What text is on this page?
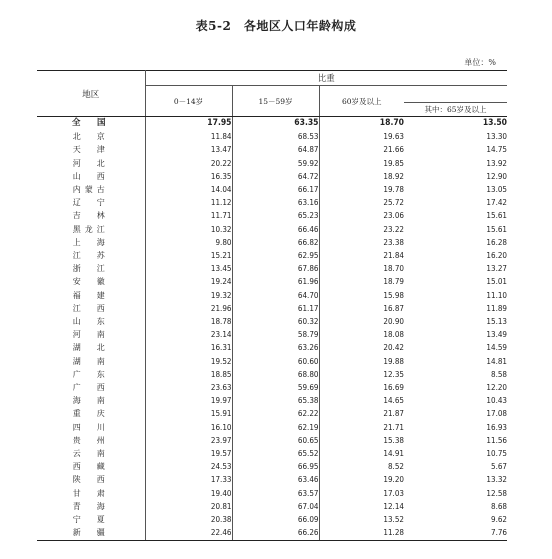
表5-2　各地区人口年龄构成
单位：%
地区	比重			
	0－14岁	15－59岁	60岁及以上	其中：65岁及以上

全　国	17.95	63.35	18.70	13.50
北　京	11.84	68.53	19.63	13.30
天　津	13.47	64.87	21.66	14.75
河　北	20.22	59.92	19.85	13.92
山　西	16.35	64.72	18.92	12.90
内蒙古	14.04	66.17	19.78	13.05
辽　宁	11.12	63.16	25.72	17.42
吉　林	11.71	65.23	23.06	15.61
黑龙江	10.32	66.46	23.22	15.61
上　海	9.80	66.82	23.38	16.28
江　苏	15.21	62.95	21.84	16.20
浙　江	13.45	67.86	18.70	13.27
安　徽	19.24	61.96	18.79	15.01
福　建	19.32	64.70	15.98	11.10
江　西	21.96	61.17	16.87	11.89
山　东	18.78	60.32	20.90	15.13
河　南	23.14	58.79	18.08	13.49
湖　北	16.31	63.26	20.42	14.59
湖　南	19.52	60.60	19.88	14.81
广　东	18.85	68.80	12.35	8.58
广　西	23.63	59.69	16.69	12.20
海　南	19.97	65.38	14.65	10.43
重　庆	15.91	62.22	21.87	17.08
四　川	16.10	62.19	21.71	16.93
贵　州	23.97	60.65	15.38	11.56
云　南	19.57	65.52	14.91	10.75
西　藏	24.53	66.95	8.52	5.67
陕　西	17.33	63.46	19.20	13.32
甘　肃	19.40	63.57	17.03	12.58
青　海	20.81	67.04	12.14	8.68
宁　夏	20.38	66.09	13.52	9.62
新　疆	22.46	66.26	11.28	7.76
